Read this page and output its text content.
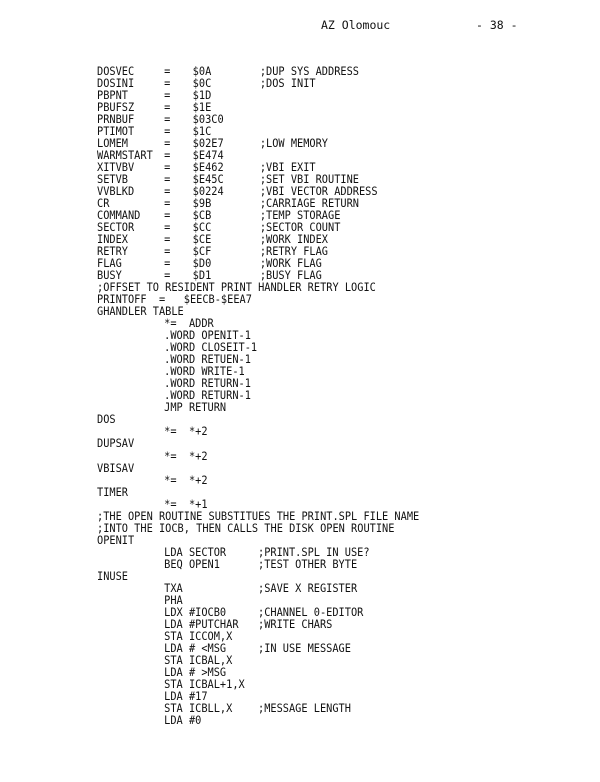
AZ Olomouc	- 38 -
DOSVEC	= $0A	;DUP SYS ADDRESS
DOSINI	= $0C	;DOS INIT
PBPNT	= $1D
PBUFSZ	= $1E
PRNBUF	= $03C0
PTIMOT	= $1C
LOMEM	= $02E7	;LOW MEMORY
WARMSTART = $E474
XITVBV	= $E462	;VBI EXIT
SETVB	= $E45C	;SET VBI ROUTINE
VVBLKD	= $0224	;VBI VECTOR ADDRESS
CR	= $9B	;CARRIAGE RETURN
COMMAND = $CB	;TEMP STORAGE
SECTOR	= $CC	;SECTOR COUNT
INDEX	= $CE	;WORK INDEX
RETRY	= $CF	;RETRY FLAG
FLAG	= $D0	;WORK FLAG
BUSY	= $D1	;BUSY FLAG
;OFFSET TO RESIDENT PRINT HANDLER RETRY LOGIC
PRINTOFF  =   $EECB-$EEA7
GHANDLER TABLE
*=  ADDR
.WORD OPENIT-1
.WORD CLOSEIT-1
.WORD RETUEN-1
.WORD WRITE-1
.WORD RETURN-1
.WORD RETURN-1
JMP RETURN
DOS
*=  *+2
DUPSAV
*=  *+2
VBISAV
*=  *+2
TIMER
*=  *+1
;THE OPEN ROUTINE SUBSTITUES THE PRINT.SPL FILE NAME
;INTO THE IOCB, THEN CALLS THE DISK OPEN ROUTINE
OPENIT
LDA SECTOR	;PRINT.SPL IN USE?
BEQ OPEN1	;TEST OTHER BYTE
INUSE
TXA	;SAVE X REGISTER
PHA
LDX #IOCB0	;CHANNEL 0-EDITOR
LDA #PUTCHAR ;WRITE CHARS
STA ICCOM,X
LDA # <MSG	;IN USE MESSAGE
STA ICBAL,X
LDA # >MSG
STA ICBAL+1,X
LDA #17
STA ICBLL,X ;MESSAGE LENGTH
LDA #0
